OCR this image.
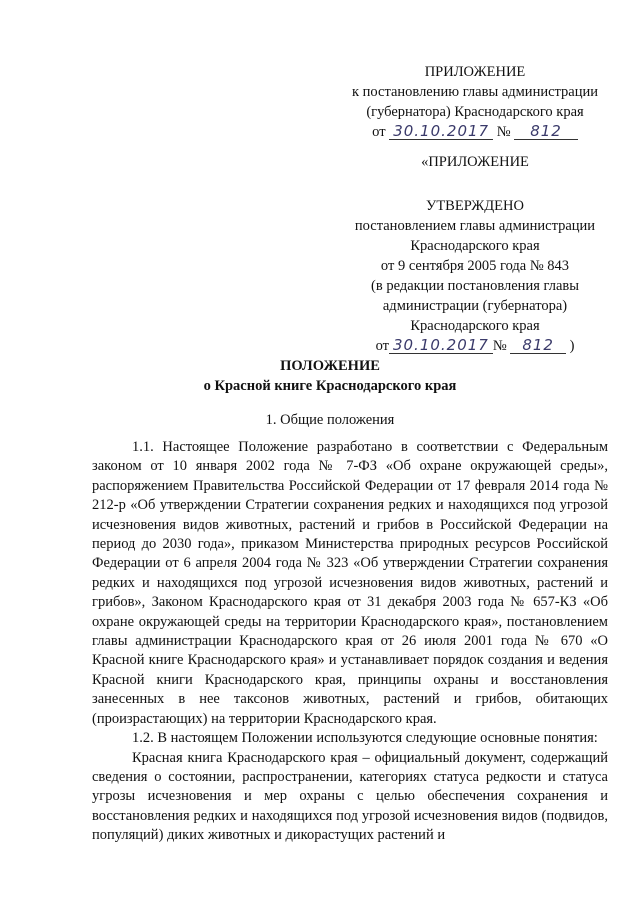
ПРИЛОЖЕНИЕ
к постановлению главы администрации
(губернатора) Краснодарского края
от 30.10.2017 № 812
«ПРИЛОЖЕНИЕ
УТВЕРЖДЕНО
постановлением главы администрации
Краснодарского края
от 9 сентября 2005 года № 843
(в редакции постановления главы
администрации (губернатора)
Краснодарского края
от 30.10.2017 № 812 )
ПОЛОЖЕНИЕ
о Красной книге Краснодарского края
1. Общие положения

1.1. Настоящее Положение разработано в соответствии с Федеральным законом от 10 января 2002 года № 7-ФЗ «Об охране окружающей среды», распоряжением Правительства Российской Федерации от 17 февраля 2014 года № 212-р «Об утверждении Стратегии сохранения редких и находящихся под угрозой исчезновения видов животных, растений и грибов в Российской Федерации на период до 2030 года», приказом Министерства природных ресурсов Российской Федерации от 6 апреля 2004 года № 323 «Об утверждении Стратегии сохранения редких и находящихся под угрозой исчезновения видов животных, растений и грибов», Законом Краснодарского края от 31 декабря 2003 года № 657-КЗ «Об охране окружающей среды на территории Краснодарского края», постановлением главы администрации Краснодарского края от 26 июля 2001 года № 670 «О Красной книге Краснодарского края» и устанавливает порядок создания и ведения Красной книги Краснодарского края, принципы охраны и восстановления занесенных в нее таксонов животных, растений и грибов, обитающих (произрастающих) на территории Краснодарского края.

1.2. В настоящем Положении используются следующие основные понятия:

Красная книга Краснодарского края – официальный документ, содержащий сведения о состоянии, распространении, категориях статуса редкости и статуса угрозы исчезновения и мер охраны с целью обеспечения сохранения и восстановления редких и находящихся под угрозой исчезновения видов (подвидов, популяций) диких животных и дикорастущих растений и
